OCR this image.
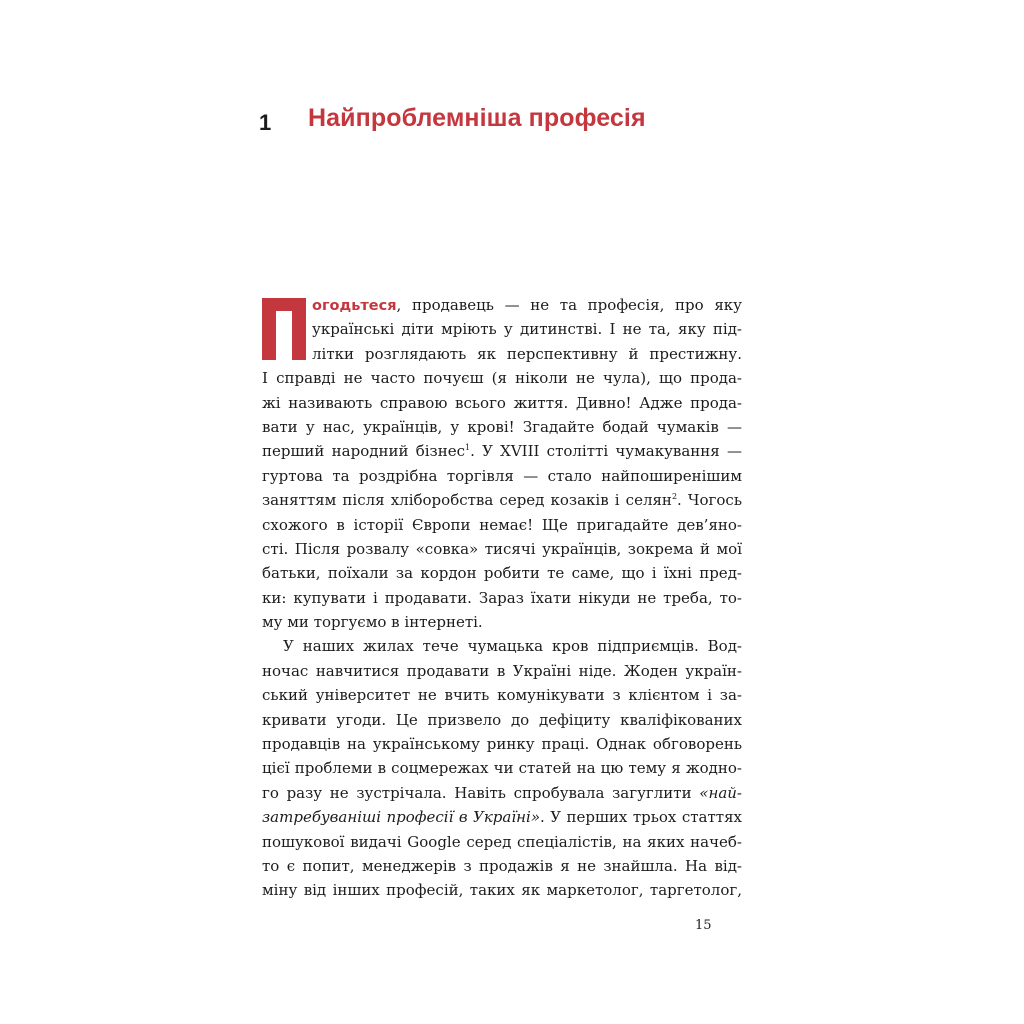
1 Найпроблемніша професія
огодьтеся, продавець — не та професія, про яку
українські діти мріють у дитинстві. І не та, яку під-
літки розглядають як перспективну й престижну.
І справді не часто почуєш (я ніколи не чула), що прода-
жі називають справою всього життя. Дивно! Адже прода-
вати у нас, українців, у крові! Згадайте бодай чумаків —
перший народний бізнес$^1$. У XVIII столітті чумакування —
гуртова та роздрібна торгівля — стало найпоширенішим
заняттям після хліборобства серед козаків і селян$^2$. Чогось
схожого в історії Європи немає! Ще пригадайте дев’яно-
сті. Після розвалу «совка» тисячі українців, зокрема й мої
батьки, поїхали за кордон робити те саме, що і їхні пред-
ки: купувати і продавати. Зараз їхати нікуди не треба, то-
му ми торгуємо в інтернеті.
У наших жилах тече чумацька кров підприємців. Вод-
ночас навчитися продавати в Україні ніде. Жоден україн-
ський університет не вчить комунікувати з клієнтом і за-
кривати угоди. Це призвело до дефіциту кваліфікованих
продавців на українському ринку праці. Однак обговорень
цієї проблеми в соцмережах чи статей на цю тему я жодно-
го разу не зустрічала. Навіть спробувала загуглити «най-
затребуваніші професії в Україні». У перших трьох статтях
пошукової видачі Google серед спеціалістів, на яких начеб-
то є попит, менеджерів з продажів я не знайшла. На від-
міну від інших професій, таких як маркетолог, таргетолог,
15
